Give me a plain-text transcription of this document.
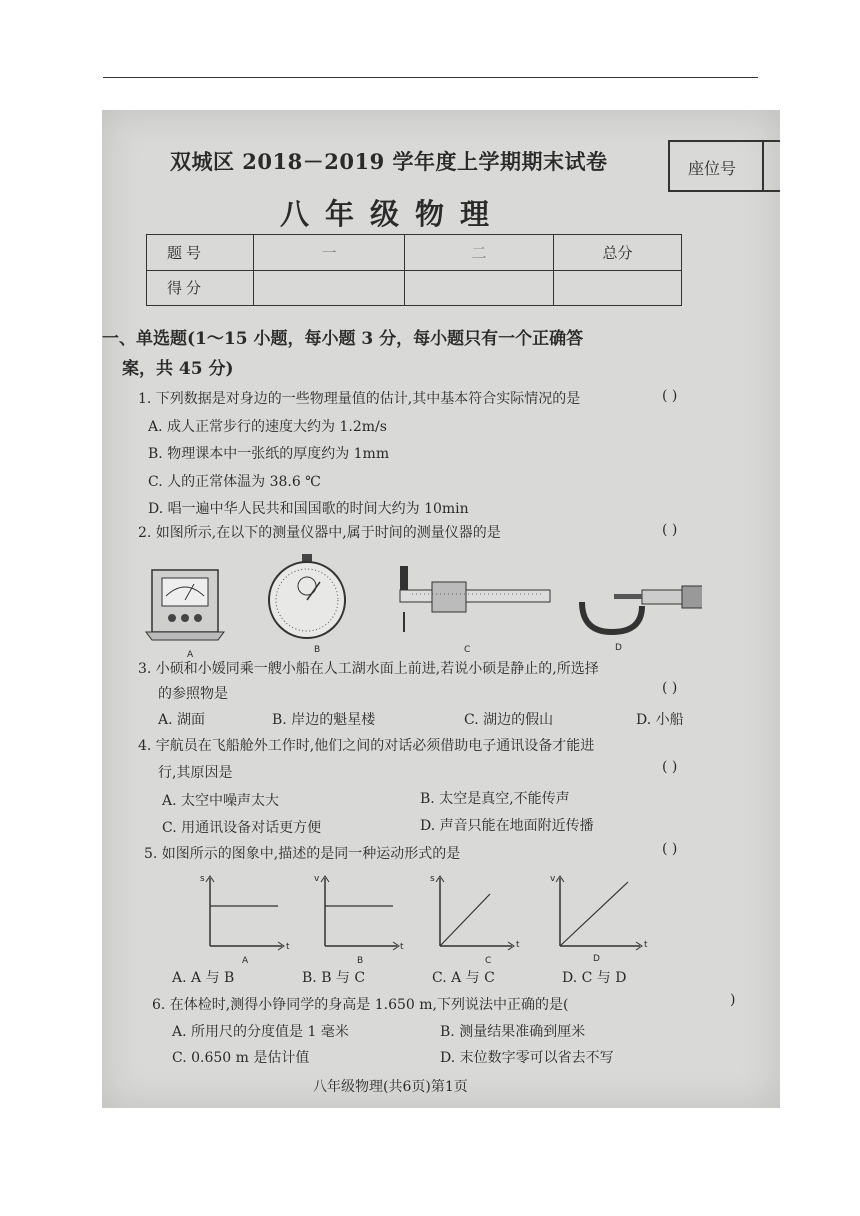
双城区 2018－2019 学年度上学期期末试卷	座位号
八年级物理
题号	一	二	总分
得分			
一、单选题(1～15 小题，每小题 3 分，每小题只有一个正确答
案，共 45 分)
1. 下列数据是对身边的一些物理量值的估计,其中基本符合实际情况的是	( )
A. 成人正常步行的速度大约为 1.2m/s
B. 物理课本中一张纸的厚度约为 1mm
C. 人的正常体温为 38.6 ℃
D. 唱一遍中华人民共和国国歌的时间大约为 10min
2. 如图所示,在以下的测量仪器中,属于时间的测量仪器的是	( )
A	B	C	D
3. 小硕和小媛同乘一艘小船在人工湖水面上前进,若说小硕是静止的,所选择
的参照物是	( )
A. 湖面	B. 岸边的魁星楼	C. 湖边的假山	D. 小船
4. 宇航员在飞船舱外工作时,他们之间的对话必须借助电子通讯设备才能进
行,其原因是	( )
A. 太空中噪声太大	B. 太空是真空,不能传声
C. 用通讯设备对话更方便	D. 声音只能在地面附近传播
5. 如图所示的图象中,描述的是同一种运动形式的是	( )
s
t
A
v
t
B
s
t
C
v
t
D
A. A 与 B	B. B 与 C	C. A 与 C	D. C 与 D
6. 在体检时,测得小铮同学的身高是 1.650 m,下列说法中正确的是(	)
A. 所用尺的分度值是 1 毫米	B. 测量结果准确到厘米
C. 0.650 m 是估计值	D. 末位数字零可以省去不写
八年级物理(共6页)第1页
